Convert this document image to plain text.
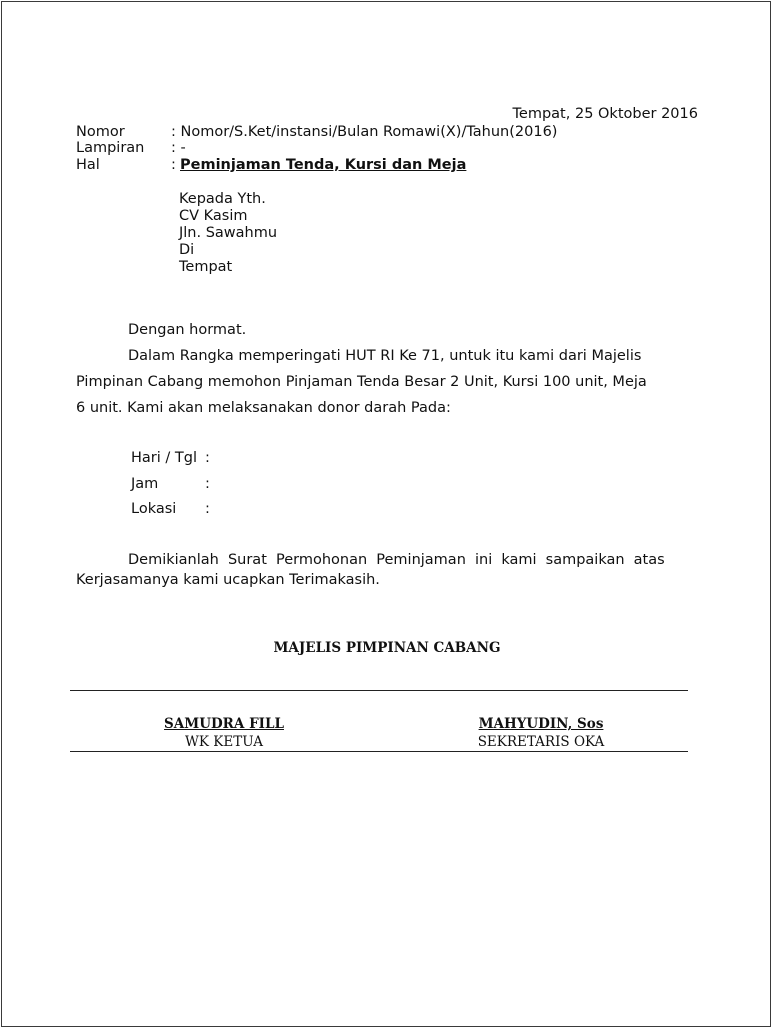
Tempat, 25 Oktober 2016
Nomor	: Nomor/S.Ket/instansi/Bulan Romawi(X)/Tahun(2016)
Lampiran : -
Hal	: Peminjaman Tenda, Kursi dan Meja
Kepada Yth.
CV Kasim
Jln. Sawahmu
Di
Tempat
Dengan hormat.
Dalam Rangka memperingati HUT RI Ke 71, untuk itu kami dari Majelis
Pimpinan Cabang memohon Pinjaman Tenda Besar 2 Unit, Kursi 100 unit, Meja
6 unit. Kami akan melaksanakan donor darah Pada:
Hari / Tgl :
Jam	:
Lokasi :
Demikianlah Surat Permohonan Peminjaman ini kami sampaikan atas
Kerjasamanya kami ucapkan Terimakasih.
MAJELIS PIMPINAN CABANG
SAMUDRA FILL
WK KETUA
MAHYUDIN, Sos
SEKRETARIS OKA
